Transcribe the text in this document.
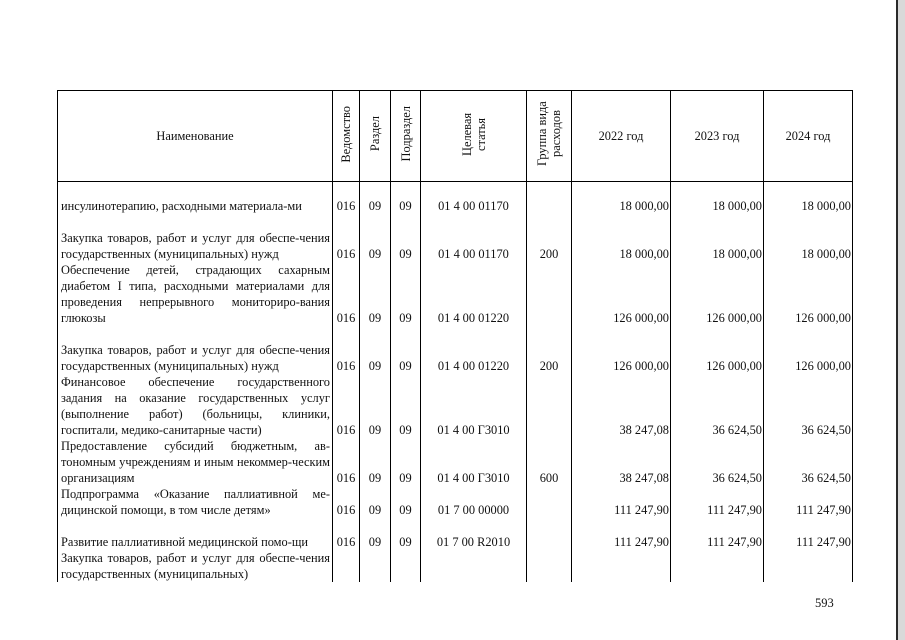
Наименование	Ведомство	Раздел	Подраздел	Целевая статья	Группа вида расходов	2022 год	2023 год	2024 год
инсулинотерапию, расходными материала-ми	016	09	09	01 4 00 01170		18 000,00	18 000,00	18 000,00
Закупка товаров, работ и услуг для обеспе-чения государственных (муниципальных) нужд	016	09	09	01 4 00 01170	200	18 000,00	18 000,00	18 000,00
Обеспечение детей, страдающих сахарным диабетом I типа, расходными материалами для проведения непрерывного мониториро-вания глюкозы	016	09	09	01 4 00 01220		126 000,00	126 000,00	126 000,00
Закупка товаров, работ и услуг для обеспе-чения государственных (муниципальных) нужд	016	09	09	01 4 00 01220	200	126 000,00	126 000,00	126 000,00
Финансовое обеспечение государственного задания на оказание государственных услуг (выполнение работ) (больницы, клиники, госпитали, медико-санитарные части)	016	09	09	01 4 00 Г3010		38 247,08	36 624,50	36 624,50
Предоставление субсидий бюджетным, ав-тономным учреждениям и иным некоммер-ческим организациям	016	09	09	01 4 00 Г3010	600	38 247,08	36 624,50	36 624,50
Подпрограмма «Оказание паллиативной ме-дицинской помощи, в том числе детям»	016	09	09	01 7 00 00000		111 247,90	111 247,90	111 247,90
Развитие паллиативной медицинской помо-щи	016	09	09	01 7 00 R2010		111 247,90	111 247,90	111 247,90
Закупка товаров, работ и услуг для обеспе-чения государственных (муниципальных)								
593
